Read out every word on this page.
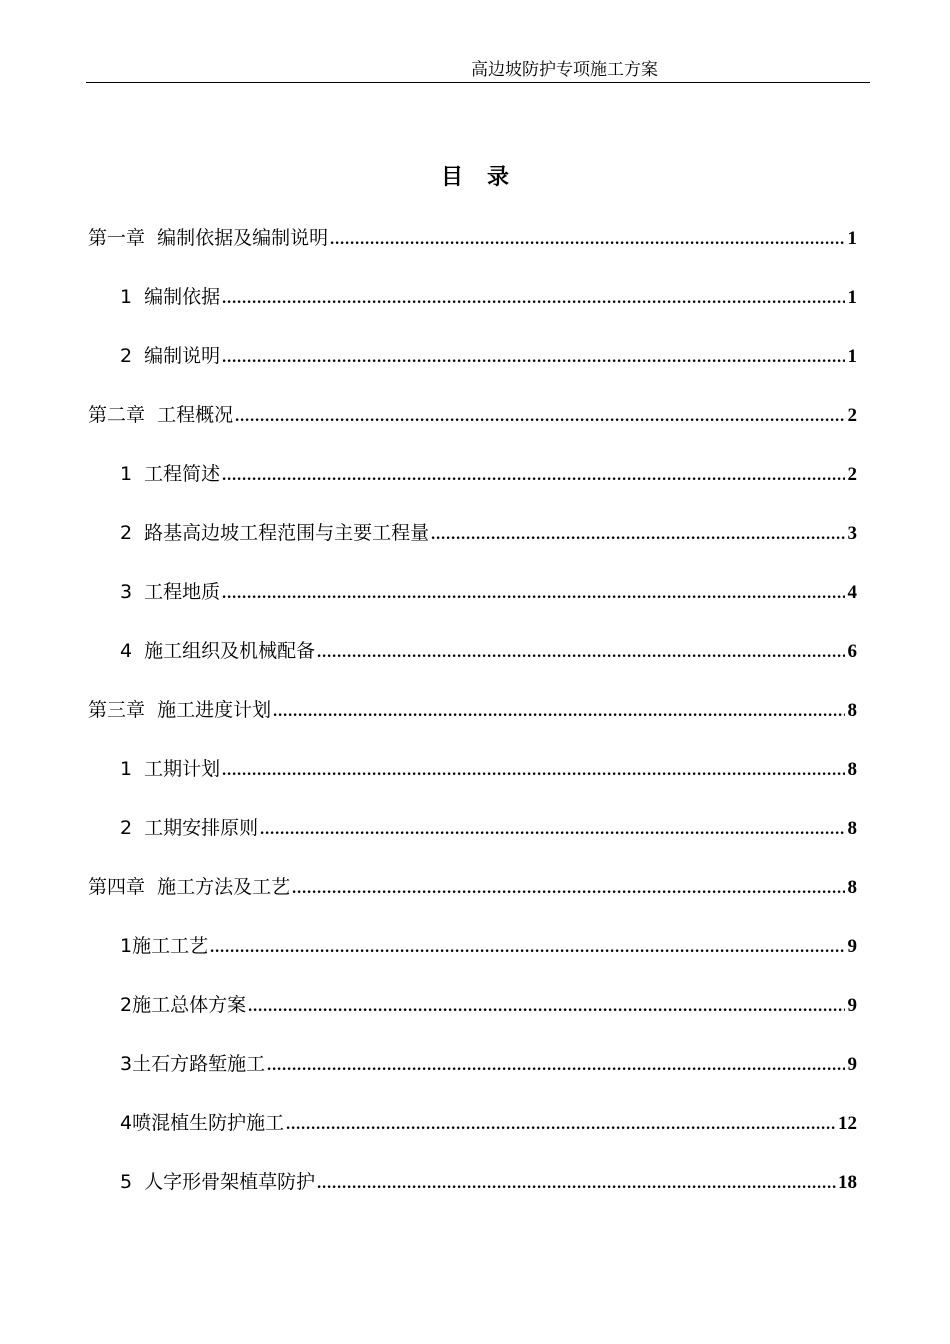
高边坡防护专项施工方案
目录
第一章  编制依据及编制说明 .....	1
1  编制依据 .....	1
2  编制说明 .....	1
第二章  工程概况 .....	2
1  工程简述 .....	2
2  路基高边坡工程范围与主要工程量 .....	3
3  工程地质 .....	4
4  施工组织及机械配备 .....	6
第三章  施工进度计划 .....	8
1  工期计划 .....	8
2  工期安排原则 .....	8
第四章  施工方法及工艺 .....	8
1施工工艺 .....	9
2施工总体方案 .....	9
3土石方路堑施工 .....	9
4喷混植生防护施工 .....	12
5  人字形骨架植草防护 .....	18
